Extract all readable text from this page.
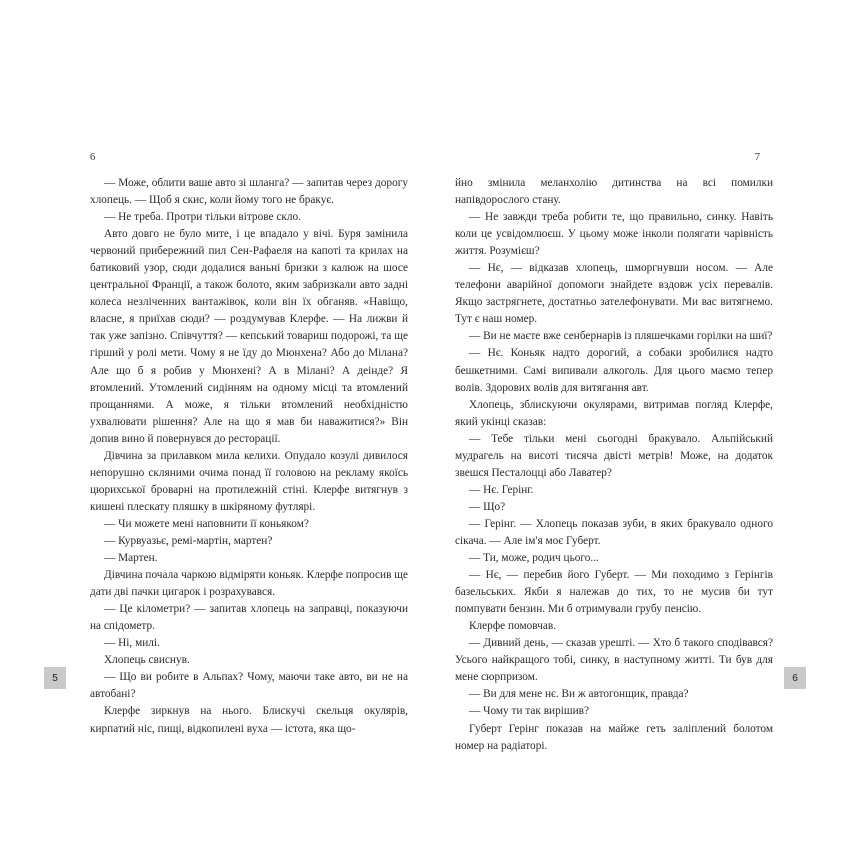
6

— Може, облити ваше авто зі шланга? — запитав через дорогу хлопець. — Щоб я скис, коли йому того не бракує.

— Не треба. Протри тільки вітрове скло.

Авто довго не було мите, і це впадало у вічі. Буря замінила червоний прибережний пил Сен-Рафаеля на капоті та крилах на батиковий узор, сюди додалися ваньні бризки з калюж на шосе центральної Франції, а також болото, яким забризкали авто задні колеса незліченних вантажівок, коли він їх обганяв. «Навіщо, власне, я приїхав сюди? — роздумував Клерфе. — На лижви й так уже запізно. Співчуття? — кепський товариш подорожі, та ще гірший у ролі мети. Чому я не їду до Мюнхена? Або до Мілана? Але що б я робив у Мюнхені? А в Мілані? А деінде? Я втомлений. Утомлений сидінням на одному місці та втомлений прощаннями. А може, я тільки втомлений необхідністю ухвалювати рішення? Але на що я мав би наважитися?» Він допив вино й повернувся до ресторації.

Дівчина за прилавком мила келихи. Опудало козулі дивилося непорушно скляними очима понад її головою на рекламу якоїсь цюрихської броварні на протилежній стіні. Клерфе витягнув з кишені плескату пляшку в шкіряному футлярі.

— Чи можете мені наповнити її коньяком?

— Курвуазьє, ремі-мартін, мартен?

— Мартен.

Дівчина почала чаркою відміряти коньяк. Клерфе попросив ще дати дві пачки цигарок і розрахувався.

— Це кілометри? — запитав хлопець на заправці, показуючи на спідометр.

— Ні, милі.

Хлопець свиснув.

— Що ви робите в Альпах? Чому, маючи таке авто, ви не на автобані?

Клерфе зиркнув на нього. Блискучі скельця окулярів, кирпатий ніс, пищі, відкопилені вуха — істота, яка що-

5
7

йно змінила меланхолію дитинства на всі помилки напівдорослого стану.

— Не завжди треба робити те, що правильно, синку. Навіть коли це усвідомлюєш. У цьому може інколи полягати чарівність життя. Розумієш?

— Нє, — відказав хлопець, шморгнувши носом. — Але телефони аварійної допомоги знайдете вздовж усіх перевалів. Якщо застрягнете, достатньо зателефонувати. Ми вас витягнемо. Тут є наш номер.

— Ви не маєте вже сенбернарів із пляшечками горілки на шиї?

— Нє. Коньяк надто дорогий, а собаки зробилися надто бешкетними. Самі випивали алкоголь. Для цього маємо тепер волів. Здорових волів для витягання авт.

Хлопець, зблискуючи окулярами, витримав погляд Клерфе, який укінці сказав:

— Тебе тільки мені сьогодні бракувало. Альпійський мудрагель на висоті тисяча двісті метрів! Може, на додаток звешся Песталоцці або Лаватер?

— Нє. Герінг.

— Що?

— Герінг. — Хлопець показав зуби, в яких бракувало одного сікача. — Але ім'я моє Губерт.

— Ти, може, родич цього...

— Нє, — перебив його Губерт. — Ми походимо з Герінгів базельських. Якби я належав до тих, то не мусив би тут помпувати бензин. Ми б отримували грубу пенсію.

Клерфе помовчав.

— Дивний день, — сказав урешті. — Хто б такого сподівався? Усього найкращого тобі, синку, в наступному житті. Ти був для мене сюрпризом.

— Ви для мене нє. Ви ж автогонщик, правда?

— Чому ти так вирішив?

Губерт Герінг показав на майже геть заліплений болотом номер на радіаторі.

6
